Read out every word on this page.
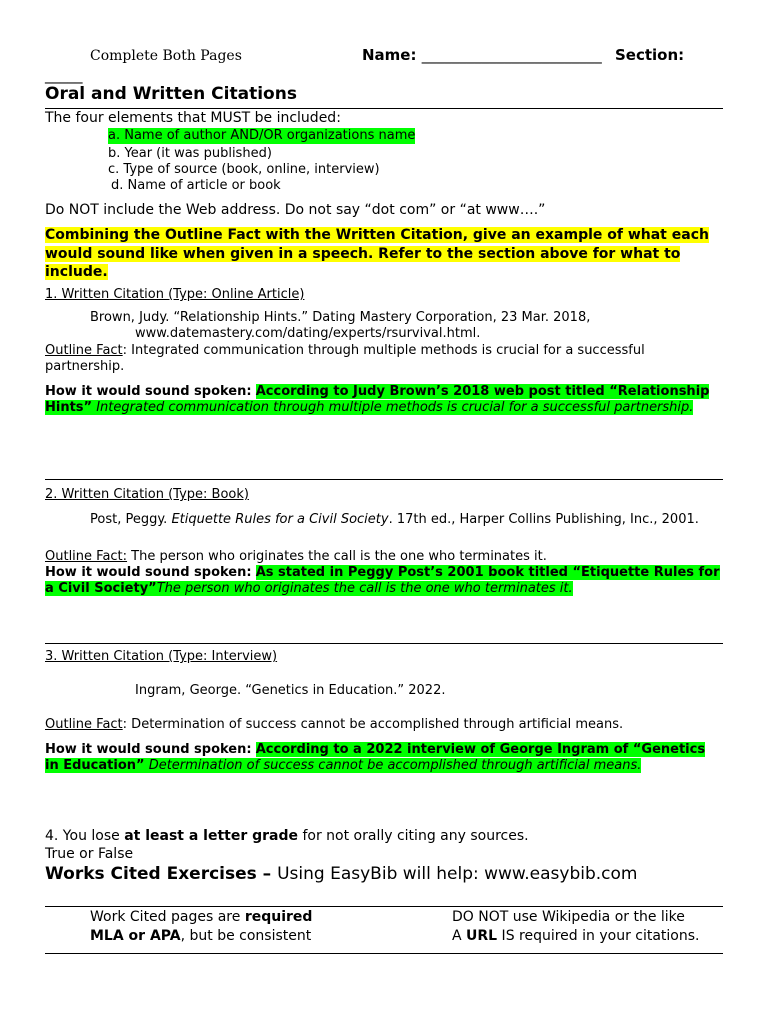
Complete Both Pages	Name: ________________________ Section:
_____
Oral and Written Citations
The four elements that MUST be included:
a. Name of author AND/OR organizations name
b. Year (it was published)
c. Type of source (book, online, interview)
d. Name of article or book
Do NOT include the Web address. Do not say “dot com” or “at www….”
Combining the Outline Fact with the Written Citation, give an example of what each would sound like when given in a speech. Refer to the section above for what to include.
1. Written Citation (Type: Online Article)
Brown, Judy. “Relationship Hints.” Dating Mastery Corporation, 23 Mar. 2018,
www.datemastery.com/dating/experts/rsurvival.html.
Outline Fact: Integrated communication through multiple methods is crucial for a successful partnership.
How it would sound spoken: According to Judy Brown’s 2018 web post titled “Relationship Hints” Integrated communication through multiple methods is crucial for a successful partnership.
2. Written Citation (Type: Book)
Post, Peggy. Etiquette Rules for a Civil Society. 17th ed., Harper Collins Publishing, Inc., 2001.
Outline Fact: The person who originates the call is the one who terminates it.
How it would sound spoken: As stated in Peggy Post’s 2001 book titled “Etiquette Rules for a Civil Society”The person who originates the call is the one who terminates it.
3. Written Citation (Type: Interview)
Ingram, George. “Genetics in Education.” 2022.
Outline Fact: Determination of success cannot be accomplished through artificial means.
How it would sound spoken: According to a 2022 interview of George Ingram of “Genetics in Education” Determination of success cannot be accomplished through artificial means.
4. You lose at least a letter grade for not orally citing any sources.
True or False
Works Cited Exercises – Using EasyBib will help: www.easybib.com
Work Cited pages are required
MLA or APA, but be consistent
DO NOT use Wikipedia or the like
A URL IS required in your citations.
